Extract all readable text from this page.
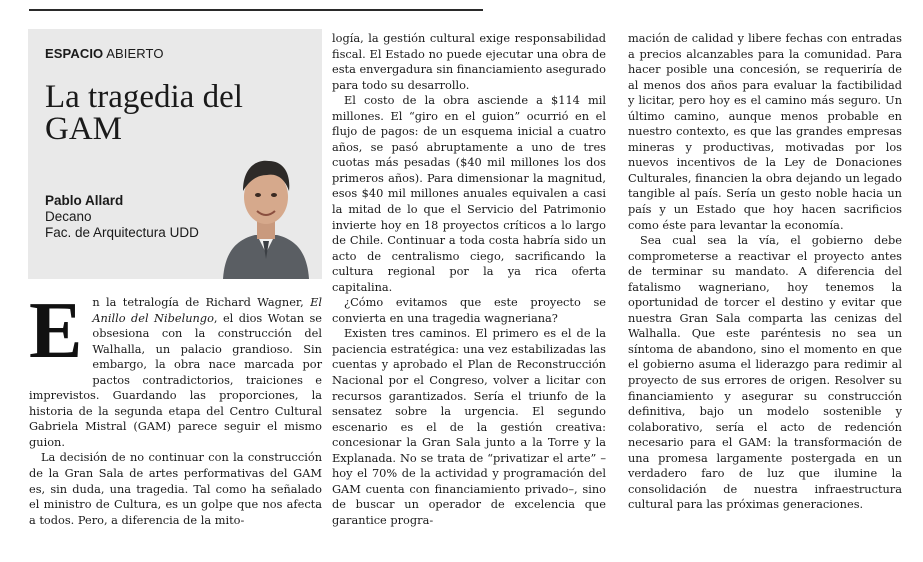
ESPACIO ABIERTO
La tragedia del GAM
Pablo Allard
Decano
Fac. de Arquitectura UDD
E n la tetralogía de Richard Wagner, El Anillo del Nibelungo, el dios Wotan se obsesiona con la construcción del Walhalla, un palacio grandioso. Sin embargo, la obra nace marcada por pactos contradictorios, traiciones e imprevistos. Guardando las proporciones, la historia de la segunda etapa del Centro Cultural Gabriela Mistral (GAM) parece seguir el mismo guion.

La decisión de no continuar con la construcción de la Gran Sala de artes performativas del GAM es, sin duda, una tragedia. Tal como ha señalado el ministro de Cultura, es un golpe que nos afecta a todos. Pero, a diferencia de la mito-

logía, la gestión cultural exige responsabilidad fiscal. El Estado no puede ejecutar una obra de esta envergadura sin financiamiento asegurado para todo su desarrollo.

El costo de la obra asciende a $114 mil millones. El “giro en el guion” ocurrió en el flujo de pagos: de un esquema inicial a cuatro años, se pasó abruptamente a uno de tres cuotas más pesadas ($40 mil millones los dos primeros años). Para dimensionar la magnitud, esos $40 mil millones anuales equivalen a casi la mitad de lo que el Servicio del Patrimonio invierte hoy en 18 proyectos críticos a lo largo de Chile. Continuar a toda costa habría sido un acto de centralismo ciego, sacrificando la cultura regional por la ya rica oferta capitalina.

¿Cómo evitamos que este proyecto se convierta en una tragedia wagneriana?

Existen tres caminos. El primero es el de la paciencia estratégica: una vez estabilizadas las cuentas y aprobado el Plan de Reconstrucción Nacional por el Congreso, volver a licitar con recursos garantizados. Sería el triunfo de la sensatez sobre la urgencia. El segundo escenario es el de la gestión creativa: concesionar la Gran Sala junto a la Torre y la Explanada. No se trata de “privatizar el arte” –hoy el 70% de la actividad y programación del GAM cuenta con financiamiento privado–, sino de buscar un operador de excelencia que garantice progra-

mación de calidad y libere fechas con entradas a precios alcanzables para la comunidad. Para hacer posible una concesión, se requeriría de al menos dos años para evaluar la factibilidad y licitar, pero hoy es el camino más seguro. Un último camino, aunque menos probable en nuestro contexto, es que las grandes empresas mineras y productivas, motivadas por los nuevos incentivos de la Ley de Donaciones Culturales, financien la obra dejando un legado tangible al país. Sería un gesto noble hacia un país y un Estado que hoy hacen sacrificios como éste para levantar la economía.

Sea cual sea la vía, el gobierno debe comprometerse a reactivar el proyecto antes de terminar su mandato. A diferencia del fatalismo wagneriano, hoy tenemos la oportunidad de torcer el destino y evitar que nuestra Gran Sala comparta las cenizas del Walhalla. Que este paréntesis no sea un síntoma de abandono, sino el momento en que el gobierno asuma el liderazgo para redimir al proyecto de sus errores de origen. Resolver su financiamiento y asegurar su construcción definitiva, bajo un modelo sostenible y colaborativo, sería el acto de redención necesario para el GAM: la transformación de una promesa largamente postergada en un verdadero faro de luz que ilumine la consolidación de nuestra infraestructura cultural para las próximas generaciones.
